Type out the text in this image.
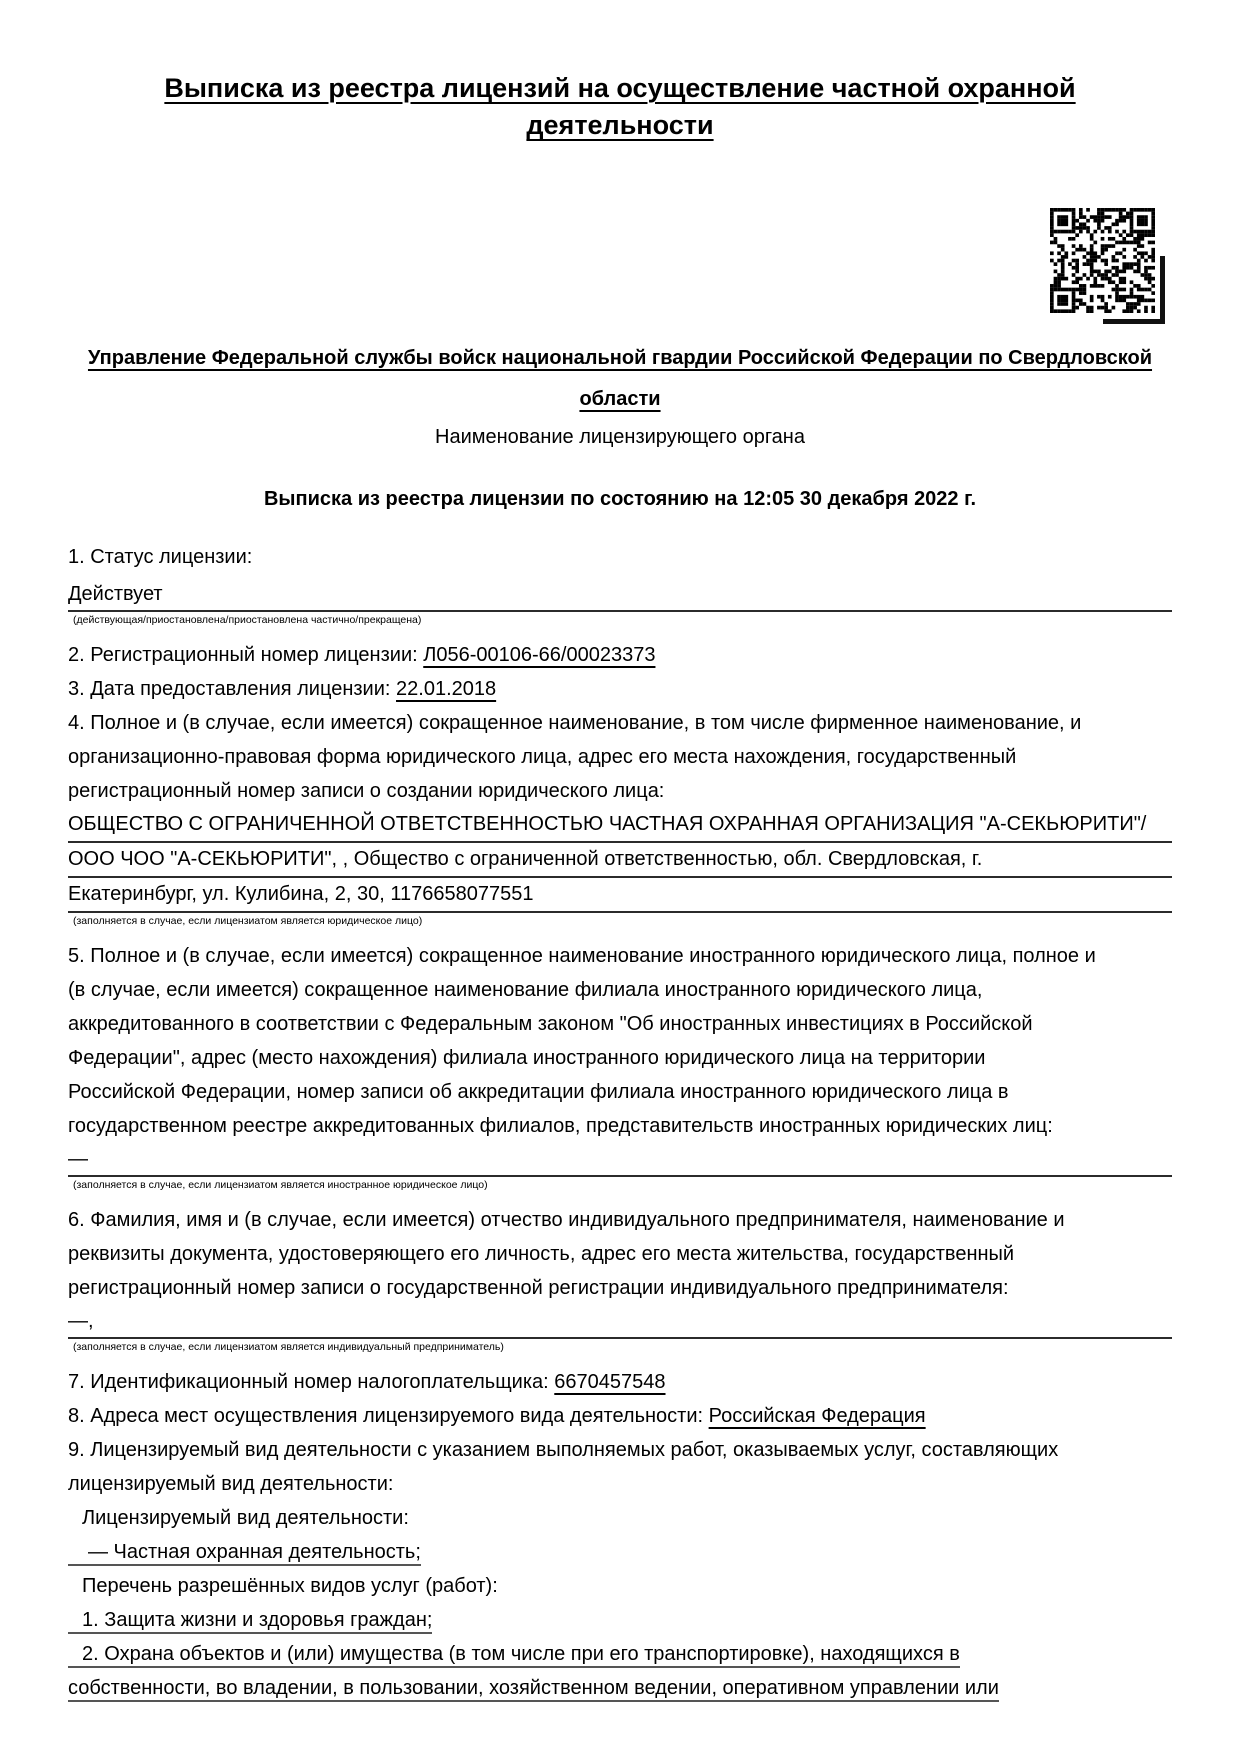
Выписка из реестра лицензий на осуществление частной охранной
деятельности
Управление Федеральной службы войск национальной гвардии Российской Федерации по Свердловской
области
Наименование лицензирующего органа
Выписка из реестра лицензии по состоянию на 12:05 30 декабря 2022 г.
1. Статус лицензии:
Действует
(действующая/приостановлена/приостановлена частично/прекращена)
2. Регистрационный номер лицензии: Л056-00106-66/00023373
3. Дата предоставления лицензии: 22.01.2018
4. Полное и (в случае, если имеется) сокращенное наименование, в том числе фирменное наименование, и
организационно-правовая форма юридического лица, адрес его места нахождения, государственный
регистрационный номер записи о создании юридического лица:
ОБЩЕСТВО С ОГРАНИЧЕННОЙ ОТВЕТСТВЕННОСТЬЮ ЧАСТНАЯ ОХРАННАЯ ОРГАНИЗАЦИЯ "А-СЕКЬЮРИТИ"/
ООО ЧОО "А-СЕКЬЮРИТИ", , Общество с ограниченной ответственностью, обл. Свердловская, г.
Екатеринбург, ул. Кулибина, 2, 30, 1176658077551
(заполняется в случае, если лицензиатом является юридическое лицо)
5. Полное и (в случае, если имеется) сокращенное наименование иностранного юридического лица, полное и
(в случае, если имеется) сокращенное наименование филиала иностранного юридического лица,
аккредитованного в соответствии с Федеральным законом "Об иностранных инвестициях в Российской
Федерации", адрес (место нахождения) филиала иностранного юридического лица на территории
Российской Федерации, номер записи об аккредитации филиала иностранного юридического лица в
государственном реестре аккредитованных филиалов, представительств иностранных юридических лиц:
—
(заполняется в случае, если лицензиатом является иностранное юридическое лицо)
6. Фамилия, имя и (в случае, если имеется) отчество индивидуального предпринимателя, наименование и
реквизиты документа, удостоверяющего его личность, адрес его места жительства, государственный
регистрационный номер записи о государственной регистрации индивидуального предпринимателя:
—,
(заполняется в случае, если лицензиатом является индивидуальный предприниматель)
7. Идентификационный номер налогоплательщика: 6670457548
8. Адреса мест осуществления лицензируемого вида деятельности: Российская Федерация
9. Лицензируемый вид деятельности с указанием выполняемых работ, оказываемых услуг, составляющих
лицензируемый вид деятельности:
Лицензируемый вид деятельности:
— Частная охранная деятельность;
Перечень разрешённых видов услуг (работ):
1. Защита жизни и здоровья граждан;
2. Охрана объектов и (или) имущества (в том числе при его транспортировке), находящихся в
собственности, во владении, в пользовании, хозяйственном ведении, оперативном управлении или
